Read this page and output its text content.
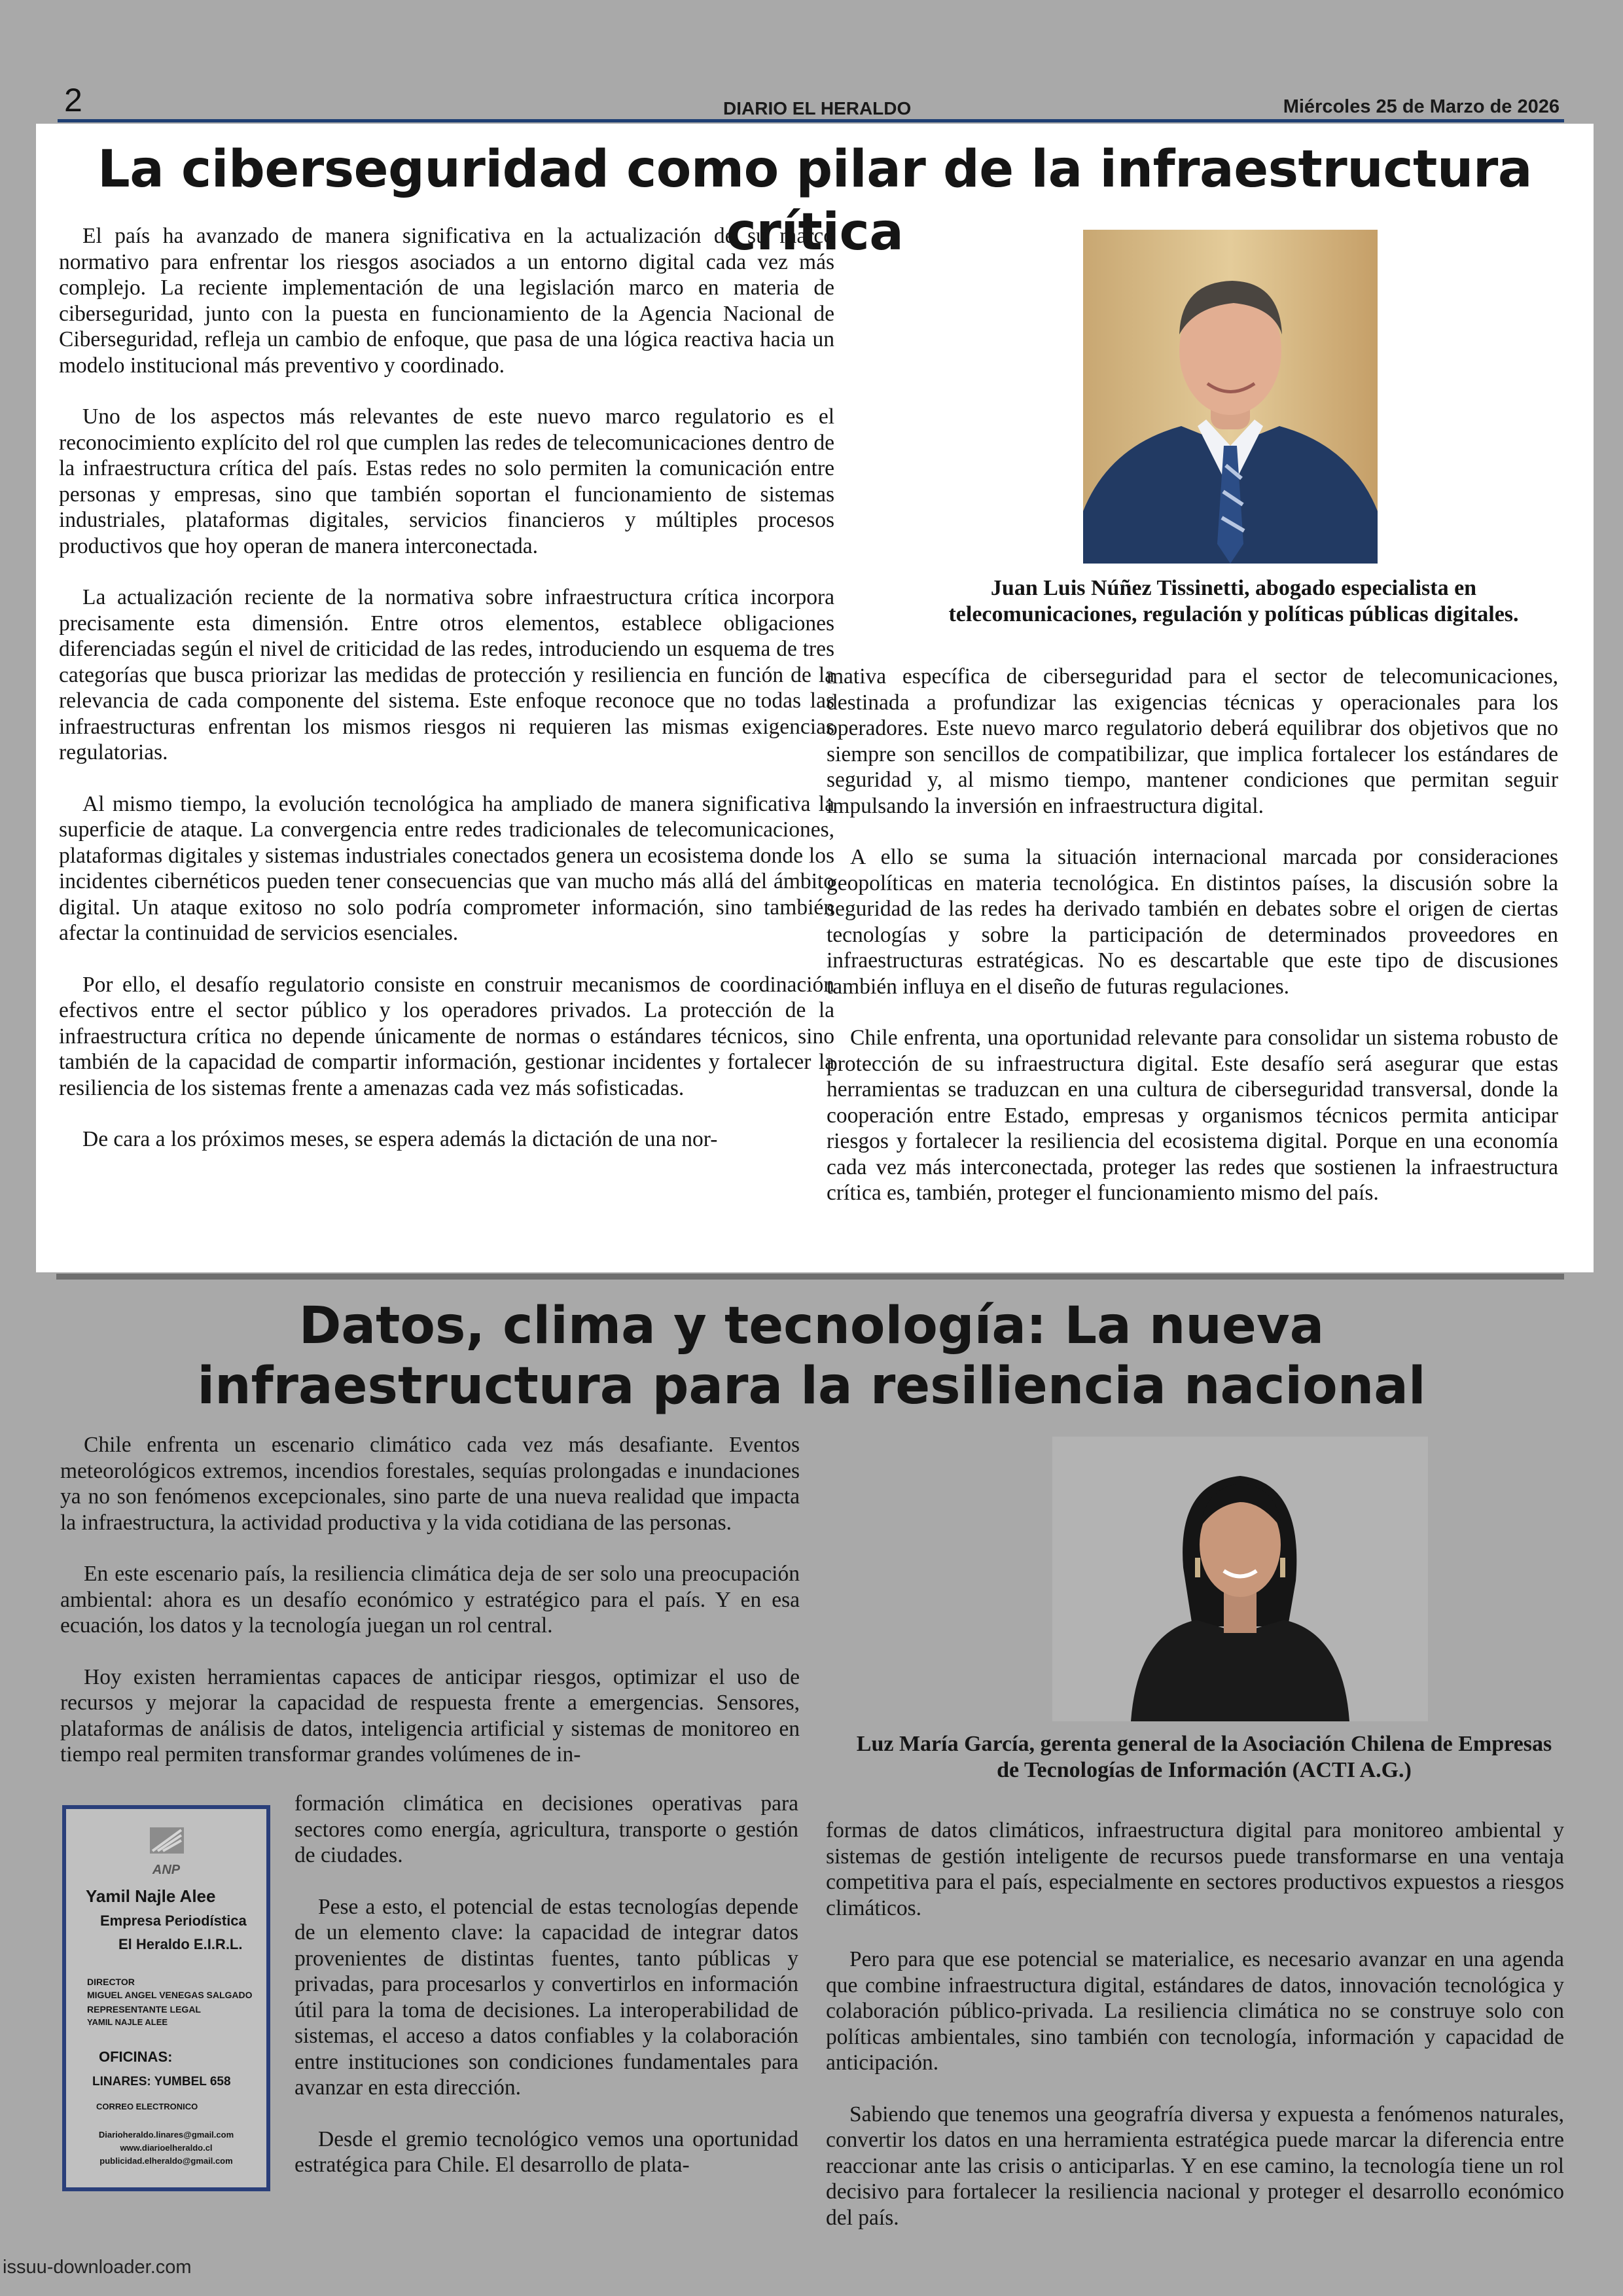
2	DIARIO EL HERALDO	Miércoles 25 de Marzo de 2026
La ciberseguridad como pilar de la infraestructura crítica

El país ha avanzado de manera significativa en la actualización de su marco normativo para enfrentar los riesgos asociados a un entorno digital cada vez más complejo. La reciente implementación de una legislación marco en materia de ciberseguridad, junto con la puesta en funcionamiento de la Agencia Nacional de Ciberseguridad, refleja un cambio de enfoque, que pasa de una lógica reactiva hacia un modelo institucional más preventivo y coordinado.

Uno de los aspectos más relevantes de este nuevo marco regulatorio es el reconocimiento explícito del rol que cumplen las redes de telecomunicaciones dentro de la infraestructura crítica del país. Estas redes no solo permiten la comunicación entre personas y empresas, sino que también soportan el funcionamiento de sistemas industriales, plataformas digitales, servicios financieros y múltiples procesos productivos que hoy operan de manera interconectada.

La actualización reciente de la normativa sobre infraestructura crítica incorpora precisamente esta dimensión. Entre otros elementos, establece obligaciones diferenciadas según el nivel de criticidad de las redes, introduciendo un esquema de tres categorías que busca priorizar las medidas de protección y resiliencia en función de la relevancia de cada componente del sistema. Este enfoque reconoce que no todas las infraestructuras enfrentan los mismos riesgos ni requieren las mismas exigencias regulatorias.

Al mismo tiempo, la evolución tecnológica ha ampliado de manera significativa la superficie de ataque. La convergencia entre redes tradicionales de telecomunicaciones, plataformas digitales y sistemas industriales conectados genera un ecosistema donde los incidentes cibernéticos pueden tener consecuencias que van mucho más allá del ámbito digital. Un ataque exitoso no solo podría comprometer información, sino también afectar la continuidad de servicios esenciales.

Por ello, el desafío regulatorio consiste en construir mecanismos de coordinación efectivos entre el sector público y los operadores privados. La protección de la infraestructura crítica no depende únicamente de normas o estándares técnicos, sino también de la capacidad de compartir información, gestionar incidentes y fortalecer la resiliencia de los sistemas frente a amenazas cada vez más sofisticadas.

De cara a los próximos meses, se espera además la dictación de una nor-

Juan Luis Núñez Tissinetti, abogado especialista en telecomunicaciones, regulación y políticas públicas digitales.

mativa específica de ciberseguridad para el sector de telecomunicaciones, destinada a profundizar las exigencias técnicas y operacionales para los operadores. Este nuevo marco regulatorio deberá equilibrar dos objetivos que no siempre son sencillos de compatibilizar, que implica fortalecer los estándares de seguridad y, al mismo tiempo, mantener condiciones que permitan seguir impulsando la inversión en infraestructura digital.

A ello se suma la situación internacional marcada por consideraciones geopolíticas en materia tecnológica. En distintos países, la discusión sobre la seguridad de las redes ha derivado también en debates sobre el origen de ciertas tecnologías y sobre la participación de determinados proveedores en infraestructuras estratégicas. No es descartable que este tipo de discusiones también influya en el diseño de futuras regulaciones.

Chile enfrenta, una oportunidad relevante para consolidar un sistema robusto de protección de su infraestructura digital. Este desafío será asegurar que estas herramientas se traduzcan en una cultura de ciberseguridad transversal, donde la cooperación entre Estado, empresas y organismos técnicos permita anticipar riesgos y fortalecer la resiliencia del ecosistema digital. Porque en una economía cada vez más interconectada, proteger las redes que sostienen la infraestructura crítica es, también, proteger el funcionamiento mismo del país.

Datos, clima y tecnología: La nueva infraestructura para la resiliencia nacional

Chile enfrenta un escenario climático cada vez más desafiante. Eventos meteorológicos extremos, incendios forestales, sequías prolongadas e inundaciones ya no son fenómenos excepcionales, sino parte de una nueva realidad que impacta la infraestructura, la actividad productiva y la vida cotidiana de las personas.

En este escenario país, la resiliencia climática deja de ser solo una preocupación ambiental: ahora es un desafío económico y estratégico para el país. Y en esa ecuación, los datos y la tecnología juegan un rol central.

Hoy existen herramientas capaces de anticipar riesgos, optimizar el uso de recursos y mejorar la capacidad de respuesta frente a emergencias. Sensores, plataformas de análisis de datos, inteligencia artificial y sistemas de monitoreo en tiempo real permiten transformar grandes volúmenes de in-

formación climática en decisiones operativas para sectores como energía, agricultura, transporte o gestión de ciudades.

Pese a esto, el potencial de estas tecnologías depende de un elemento clave: la capacidad de integrar datos provenientes de distintas fuentes, tanto públicas y privadas, para procesarlos y convertirlos en información útil para la toma de decisiones. La interoperabilidad de sistemas, el acceso a datos confiables y la colaboración entre instituciones son condiciones fundamentales para avanzar en esta dirección.

Desde el gremio tecnológico vemos una oportunidad estratégica para Chile. El desarrollo de plata-

Luz María García, gerenta general de la Asociación Chilena de Empresas de Tecnologías de Información (ACTI A.G.)

formas de datos climáticos, infraestructura digital para monitoreo ambiental y sistemas de gestión inteligente de recursos puede transformarse en una ventaja competitiva para el país, especialmente en sectores productivos expuestos a riesgos climáticos.

Pero para que ese potencial se materialice, es necesario avanzar en una agenda que combine infraestructura digital, estándares de datos, innovación tecnológica y colaboración público-privada. La resiliencia climática no se construye solo con políticas ambientales, sino también con tecnología, información y capacidad de anticipación.

Sabiendo que tenemos una geografría diversa y expuesta a fenómenos naturales, convertir los datos en una herramienta estratégica puede marcar la diferencia entre reaccionar ante las crisis o anticiparlas. Y en ese camino, la tecnología tiene un rol decisivo para fortalecer la resiliencia nacional y proteger el desarrollo económico del país.

ANP
Yamil Najle Alee
Empresa Periodística
El Heraldo E.I.R.L.
DIRECTOR
MIGUEL ANGEL VENEGAS SALGADO
REPRESENTANTE LEGAL
YAMIL NAJLE ALEE
OFICINAS:
LINARES: YUMBEL 658
CORREO ELECTRONICO
Diarioheraldo.linares@gmail.com
www.diarioelheraldo.cl
publicidad.elheraldo@gmail.com
issuu-downloader.com
